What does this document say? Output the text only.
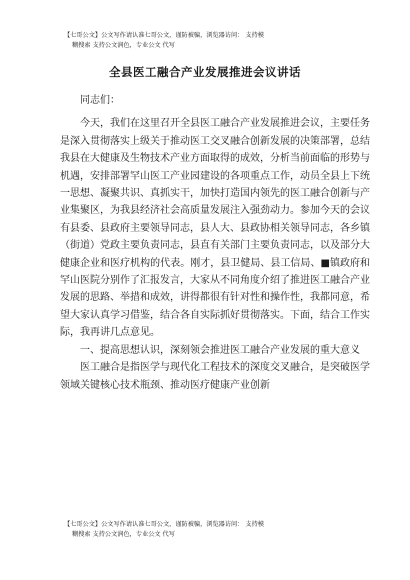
【七哥公文】公文写作请认准七哥公文，谨防被骗，浏览器访问： 支持模
糊搜索 支持公文润色，专业公文 代写
全县医工融合产业发展推进会议讲话

同志们：

今天，我们在这里召开全县医工融合产业发展推进会议，主要任务是深入贯彻落实上级关于推动医工交叉融合创新发展的决策部署，总结我县在大健康及生物技术产业方面取得的成效，分析当前面临的形势与机遇，安排部署罕山医工产业园建设的各项重点工作，动员全县上下统一思想、凝聚共识、真抓实干，加快打造国内领先的医工融合创新与产业集聚区，为我县经济社会高质量发展注入强劲动力。参加今天的会议有县委、县政府主要领导同志，县人大、县政协相关领导同志，各乡镇（街道）党政主要负责同志，县直有关部门主要负责同志，以及部分大健康企业和医疗机构的代表。刚才，县卫健局、县工信局、■镇政府和罕山医院分别作了汇报发言，大家从不同角度介绍了推进医工融合产业发展的思路、举措和成效，讲得都很有针对性和操作性，我都同意，希望大家认真学习借鉴，结合各自实际抓好贯彻落实。下面，结合工作实际，我再讲几点意见。

一、提高思想认识，深刻领会推进医工融合产业发展的重大意义

医工融合是指医学与现代化工程技术的深度交叉融合，是突破医学领域关键核心技术瓶颈、推动医疗健康产业创新

【七哥公文】公文写作请认准七哥公文，谨防被骗，浏览器访问： 支持模
糊搜索 支持公文润色，专业公文 代写
